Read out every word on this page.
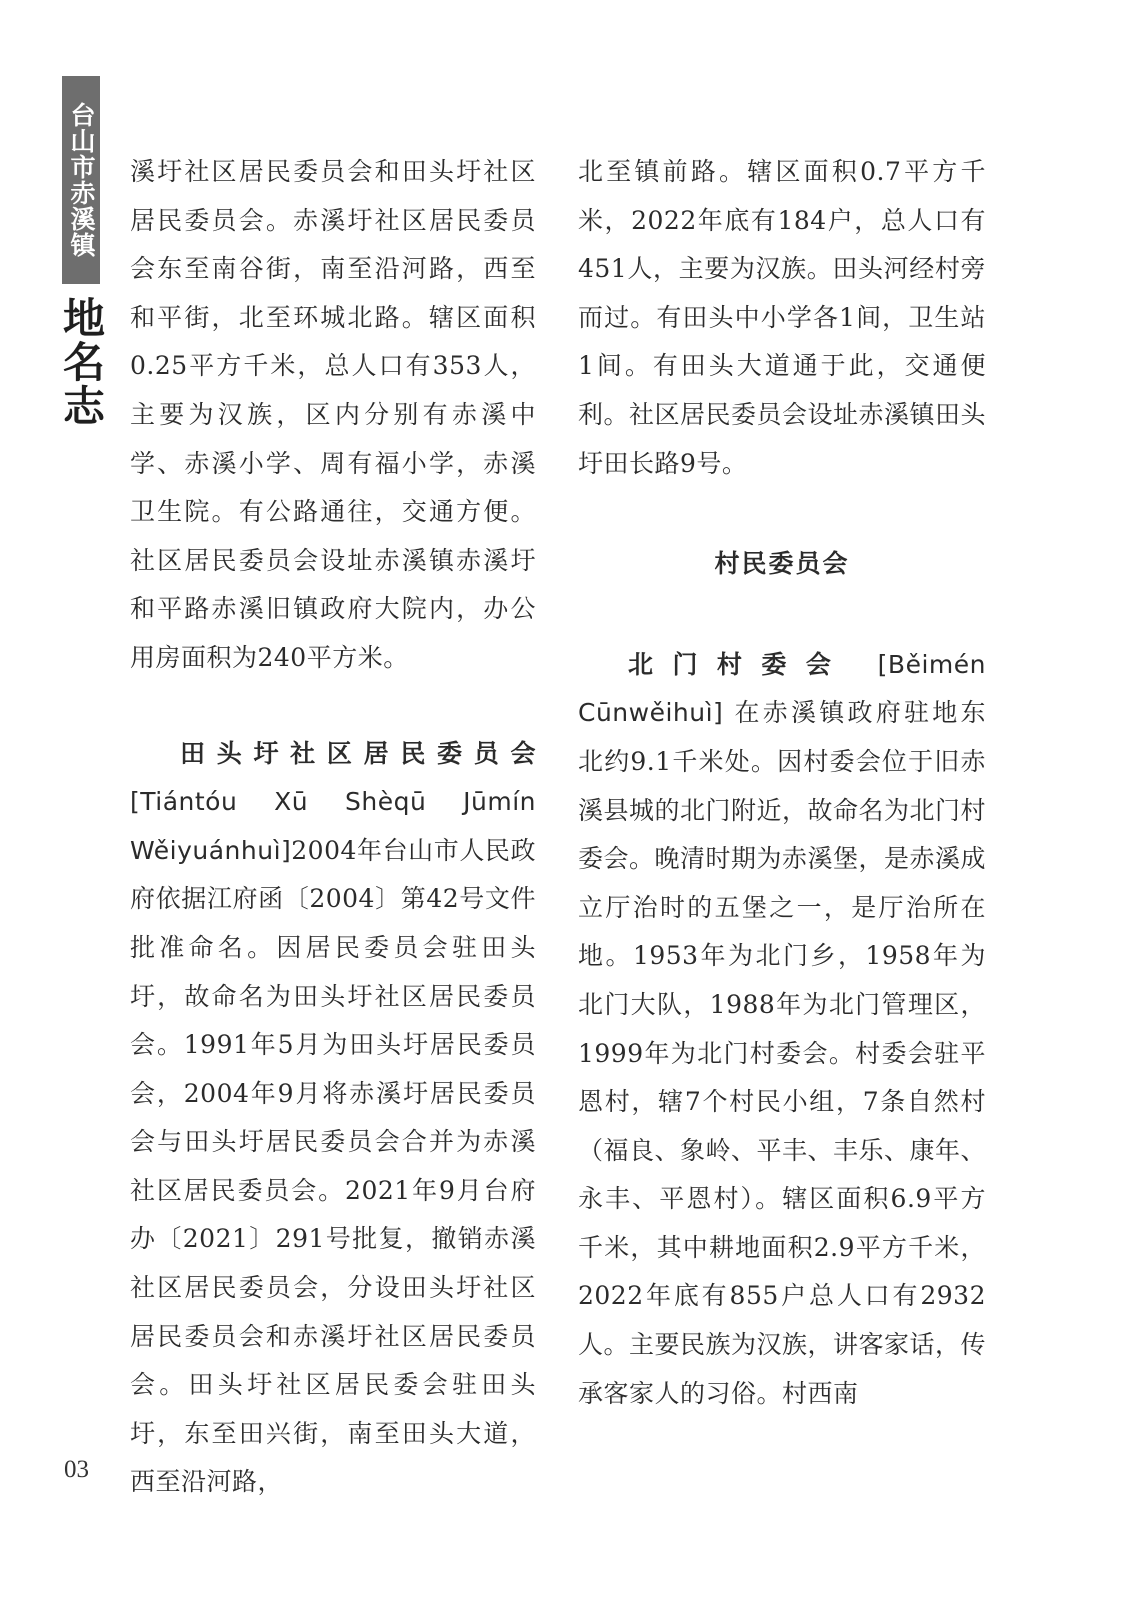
台山市赤溪镇
地名志

溪圩社区居民委员会和田头圩社区居民委员会。赤溪圩社区居民委员会东至南谷街，南至沿河路，西至和平街，北至环城北路。辖区面积0.25平方千米，总人口有353人，主要为汉族，区内分别有赤溪中学、赤溪小学、周有福小学，赤溪卫生院。有公路通往，交通方便。社区居民委员会设址赤溪镇赤溪圩和平路赤溪旧镇政府大院内，办公用房面积为240平方米。

田头圩社区居民委员会 [Tiántóu Xū Shèqū Jūmín Wěiyuánhuì]2004年台山市人民政府依据江府函〔2004〕第42号文件批准命名。因居民委员会驻田头圩，故命名为田头圩社区居民委员会。1991年5月为田头圩居民委员会，2004年9月将赤溪圩居民委员会与田头圩居民委员会合并为赤溪社区居民委员会。2021年9月台府办〔2021〕291号批复，撤销赤溪社区居民委员会，分设田头圩社区居民委员会和赤溪圩社区居民委员会。田头圩社区居民委会驻田头圩，东至田兴街，南至田头大道，西至沿河路，

北至镇前路。辖区面积0.7平方千米，2022年底有184户，总人口有451人，主要为汉族。田头河经村旁而过。有田头中小学各1间，卫生站1间。有田头大道通于此，交通便利。社区居民委员会设址赤溪镇田头圩田长路9号。

村民委员会

北门村委会 [Běimén Cūnwěihuì] 在赤溪镇政府驻地东北约9.1千米处。因村委会位于旧赤溪县城的北门附近，故命名为北门村委会。晚清时期为赤溪堡，是赤溪成立厅治时的五堡之一，是厅治所在地。1953年为北门乡，1958年为北门大队，1988年为北门管理区，1999年为北门村委会。村委会驻平恩村，辖7个村民小组，7条自然村（福良、象岭、平丰、丰乐、康年、永丰、平恩村）。辖区面积6.9平方千米，其中耕地面积2.9平方千米，2022年底有855户总人口有2932人。主要民族为汉族，讲客家话，传承客家人的习俗。村西南

03
